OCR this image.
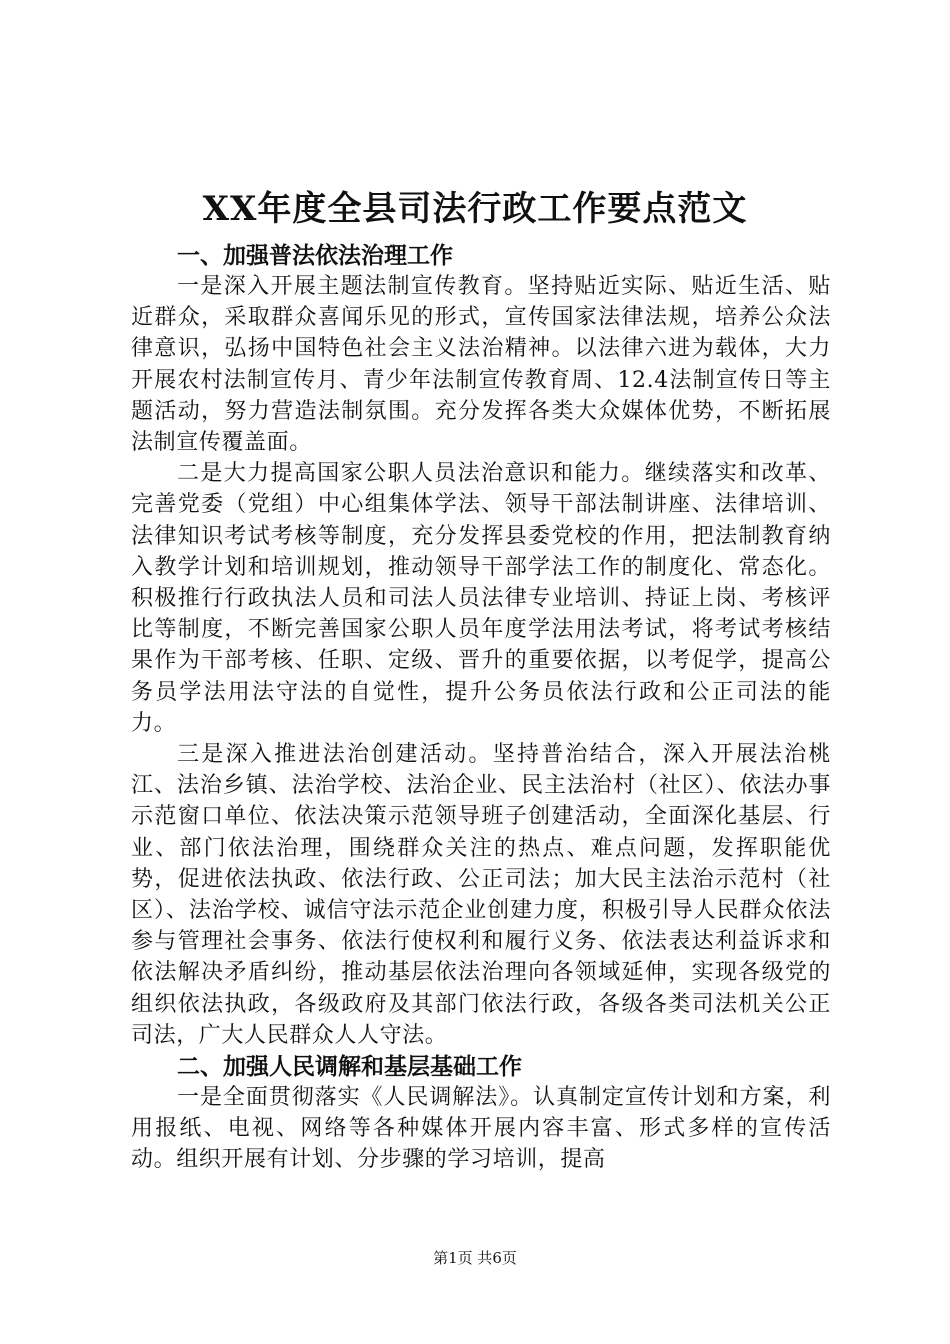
XX年度全县司法行政工作要点范文

一、加强普法依法治理工作

一是深入开展主题法制宣传教育。坚持贴近实际、贴近生活、贴近群众，采取群众喜闻乐见的形式，宣传国家法律法规，培养公众法律意识，弘扬中国特色社会主义法治精神。以法律六进为载体，大力开展农村法制宣传月、青少年法制宣传教育周、12.4法制宣传日等主题活动，努力营造法制氛围。充分发挥各类大众媒体优势，不断拓展法制宣传覆盖面。

二是大力提高国家公职人员法治意识和能力。继续落实和改革、完善党委（党组）中心组集体学法、领导干部法制讲座、法律培训、法律知识考试考核等制度，充分发挥县委党校的作用，把法制教育纳入教学计划和培训规划，推动领导干部学法工作的制度化、常态化。积极推行行政执法人员和司法人员法律专业培训、持证上岗、考核评比等制度，不断完善国家公职人员年度学法用法考试，将考试考核结果作为干部考核、任职、定级、晋升的重要依据，以考促学，提高公务员学法用法守法的自觉性，提升公务员依法行政和公正司法的能力。

三是深入推进法治创建活动。坚持普治结合，深入开展法治桃江、法治乡镇、法治学校、法治企业、民主法治村（社区）、依法办事示范窗口单位、依法决策示范领导班子创建活动，全面深化基层、行业、部门依法治理，围绕群众关注的热点、难点问题，发挥职能优势，促进依法执政、依法行政、公正司法；加大民主法治示范村（社区）、法治学校、诚信守法示范企业创建力度，积极引导人民群众依法参与管理社会事务、依法行使权利和履行义务、依法表达利益诉求和依法解决矛盾纠纷，推动基层依法治理向各领域延伸，实现各级党的组织依法执政，各级政府及其部门依法行政，各级各类司法机关公正司法，广大人民群众人人守法。

二、加强人民调解和基层基础工作

一是全面贯彻落实《人民调解法》。认真制定宣传计划和方案，利用报纸、电视、网络等各种媒体开展内容丰富、形式多样的宣传活动。组织开展有计划、分步骤的学习培训，提高

第1页 共6页
